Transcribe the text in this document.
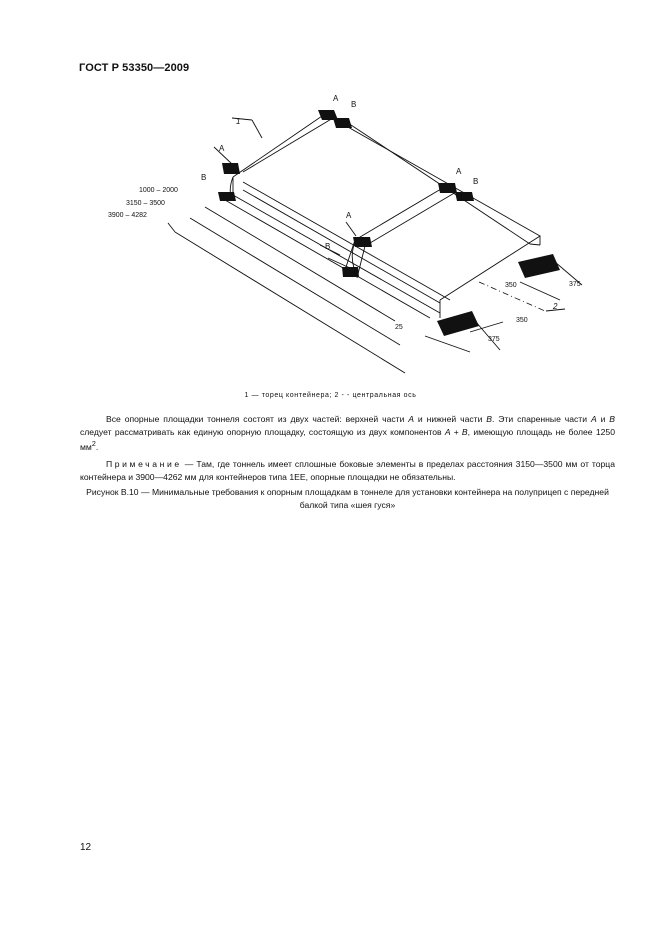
ГОСТ Р 53350—2009
1
2
A
B
A
B
A
B
A
B
1000 – 2000
3150 – 3500
3900 – 4282
350	375
350
375
25
1 — торец контейнера; 2 - - центральная ось
Все опорные площадки тоннеля состоят из двух частей: верхней части A и нижней части B. Эти спаренные части A и B следует рассматривать как единую опорную площадку, состоящую из двух компонентов A + B, имеющую площадь не более 1250 $мм^2$.
Примечание — Там, где тоннель имеет сплошные боковые элементы в пределах расстояния 3150—3500 мм от торца контейнера и 3900—4262 мм для контейнеров типа 1EE, опорные площадки не обязательны.
Рисунок В.10 — Минимальные требования к опорным площадкам в тоннеле для установки контейнера на полуприцеп с передней балкой типа «шея гуся»
12
